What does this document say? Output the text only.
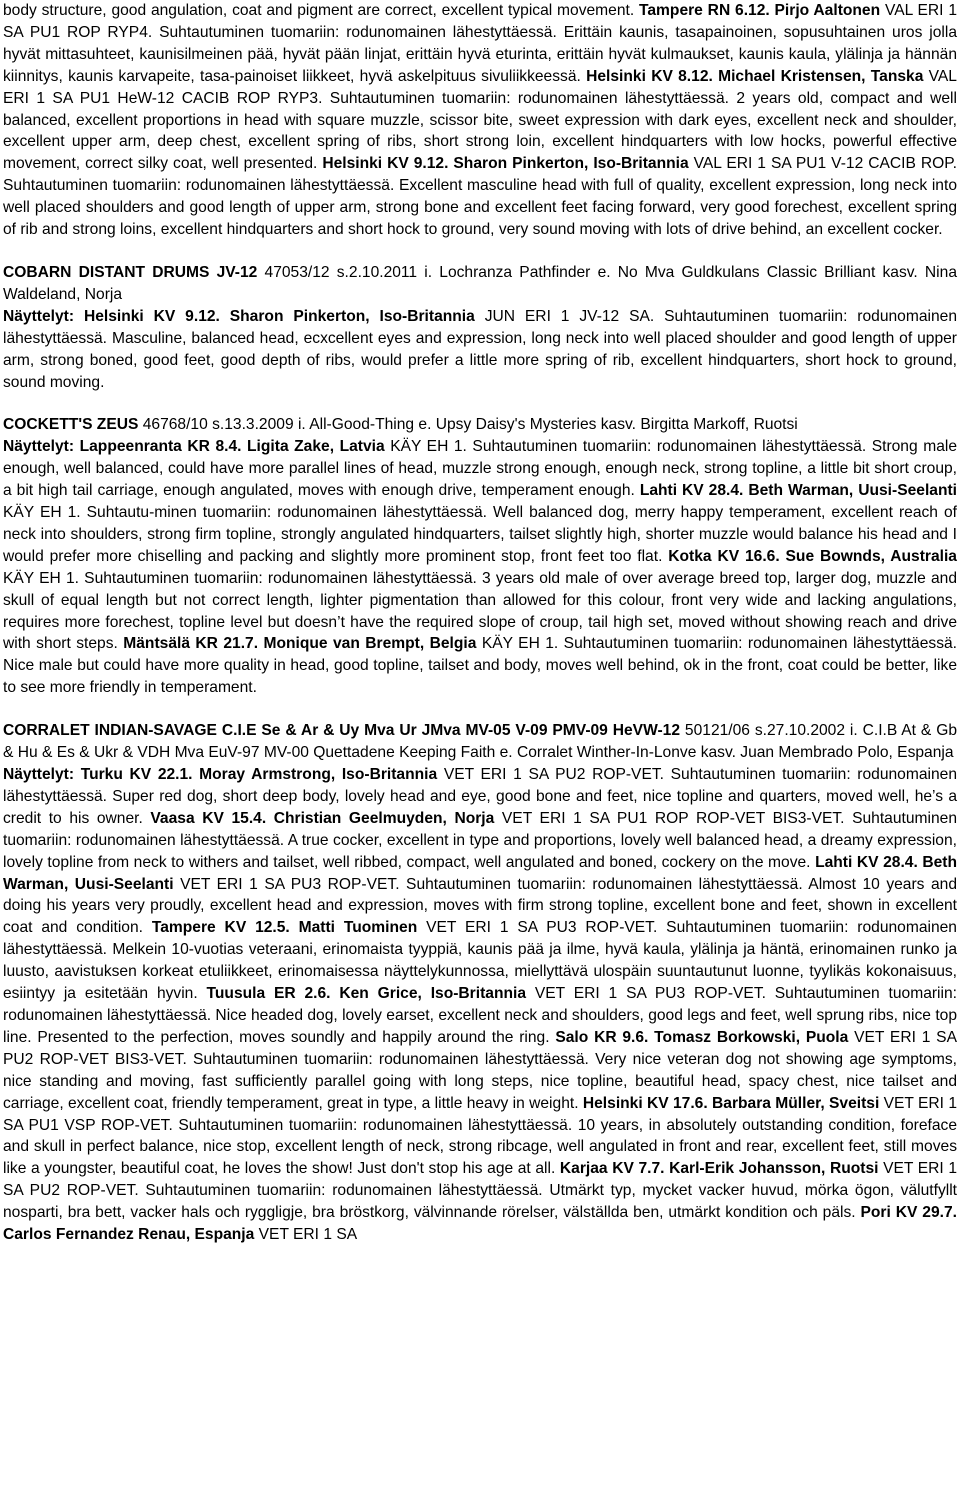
body structure, good angulation, coat and pigment are correct, excellent typical movement. Tampere RN 6.12. Pirjo Aaltonen VAL ERI 1 SA PU1 ROP RYP4. Suhtautuminen tuomariin: rodunomainen lähestyttäessä. Erittäin kaunis, tasapainoinen, sopusuhtainen uros jolla hyvät mittasuhteet, kaunisilmeinen pää, hyvät pään linjat, erittäin hyvä eturinta, erittäin hyvät kulmaukset, kaunis kaula, ylälinja ja hännän kiinnitys, kaunis karvapeite, tasa-painoiset liikkeet, hyvä askelpituus sivuliikkeessä. Helsinki KV 8.12. Michael Kristensen, Tanska VAL ERI 1 SA PU1 HeW-12 CACIB ROP RYP3. Suhtautuminen tuomariin: rodunomainen lähestyttäessä. 2 years old, compact and well balanced, excellent proportions in head with square muzzle, scissor bite, sweet expression with dark eyes, excellent neck and shoulder, excellent upper arm, deep chest, excellent spring of ribs, short strong loin, excellent hindquarters with low hocks, powerful effective movement, correct silky coat, well presented. Helsinki KV 9.12. Sharon Pinkerton, Iso-Britannia VAL ERI 1 SA PU1 V-12 CACIB ROP. Suhtautuminen tuomariin: rodunomainen lähestyttäessä. Excellent masculine head with full of quality, excellent expression, long neck into well placed shoulders and good length of upper arm, strong bone and excellent feet facing forward, very good forechest, excellent spring of rib and strong loins, excellent hindquarters and short hock to ground, very sound moving with lots of drive behind, an excellent cocker.

COBARN DISTANT DRUMS JV-12 47053/12 s.2.10.2011 i. Lochranza Pathfinder e. No Mva Guldkulans Classic Brilliant kasv. Nina Waldeland, Norja
Näyttelyt: Helsinki KV 9.12. Sharon Pinkerton, Iso-Britannia JUN ERI 1 JV-12 SA. Suhtautuminen tuomariin: rodunomainen lähestyttäessä. Masculine, balanced head, ecxcellent eyes and expression, long neck into well placed shoulder and good length of upper arm, strong boned, good feet, good depth of ribs, would prefer a little more spring of rib, excellent hindquarters, short hock to ground, sound moving.

COCKETT'S ZEUS 46768/10 s.13.3.2009 i. All-Good-Thing e. Upsy Daisy's Mysteries kasv. Birgitta Markoff, Ruotsi
Näyttelyt: Lappeenranta KR 8.4. Ligita Zake, Latvia KÄY EH 1. Suhtautuminen tuomariin: rodunomainen lähestyttäessä. Strong male enough, well balanced, could have more parallel lines of head, muzzle strong enough, enough neck, strong topline, a little bit short croup, a bit high tail carriage, enough angulated, moves with enough drive, temperament enough. Lahti KV 28.4. Beth Warman, Uusi-Seelanti KÄY EH 1. Suhtautu-minen tuomariin: rodunomainen lähestyttäessä. Well balanced dog, merry happy temperament, excellent reach of neck into shoulders, strong firm topline, strongly angulated hindquarters, tailset slightly high, shorter muzzle would balance his head and I would prefer more chiselling and packing and slightly more prominent stop, front feet too flat. Kotka KV 16.6. Sue Bownds, Australia KÄY EH 1. Suhtautuminen tuomariin: rodunomainen lähestyttäessä. 3 years old male of over average breed top, larger dog, muzzle and skull of equal length but not correct length, lighter pigmentation than allowed for this colour, front very wide and lacking angulations, requires more forechest, topline level but doesn’t have the required slope of croup, tail high set, moved without showing reach and drive with short steps. Mäntsälä KR 21.7. Monique van Brempt, Belgia KÄY EH 1. Suhtautuminen tuomariin: rodunomainen lähestyttäessä. Nice male but could have more quality in head, good topline, tailset and body, moves well behind, ok in the front, coat could be better, like to see more friendly in temperament.

CORRALET INDIAN-SAVAGE C.I.E Se & Ar & Uy Mva Ur JMva MV-05 V-09 PMV-09 HeVW-12 50121/06 s.27.10.2002 i. C.I.B At & Gb & Hu & Es & Ukr & VDH Mva EuV-97 MV-00 Quettadene Keeping Faith e. Corralet Winther-In-Lonve kasv. Juan Membrado Polo, Espanja
Näyttelyt: Turku KV 22.1. Moray Armstrong, Iso-Britannia VET ERI 1 SA PU2 ROP-VET. Suhtautuminen tuomariin: rodunomainen lähestyttäessä. Super red dog, short deep body, lovely head and eye, good bone and feet, nice topline and quarters, moved well, he’s a credit to his owner. Vaasa KV 15.4. Christian Geelmuyden, Norja VET ERI 1 SA PU1 ROP ROP-VET BIS3-VET. Suhtautuminen tuomariin: rodunomainen lähestyttäessä. A true cocker, excellent in type and proportions, lovely well balanced head, a dreamy expression, lovely topline from neck to withers and tailset, well ribbed, compact, well angulated and boned, cockery on the move. Lahti KV 28.4. Beth Warman, Uusi-Seelanti VET ERI 1 SA PU3 ROP-VET. Suhtautuminen tuomariin: rodunomainen lähestyttäessä. Almost 10 years and doing his years very proudly, excellent head and expression, moves with firm strong topline, excellent bone and feet, shown in excellent coat and condition. Tampere KV 12.5. Matti Tuominen VET ERI 1 SA PU3 ROP-VET. Suhtautuminen tuomariin: rodunomainen lähestyttäessä. Melkein 10-vuotias veteraani, erinomaista tyyppiä, kaunis pää ja ilme, hyvä kaula, ylälinja ja häntä, erinomainen runko ja luusto, aavistuksen korkeat etuliikkeet, erinomaisessa näyttelykunnossa, miellyttävä ulospäin suuntautunut luonne, tyylikäs kokonaisuus, esiintyy ja esitetään hyvin. Tuusula ER 2.6. Ken Grice, Iso-Britannia VET ERI 1 SA PU3 ROP-VET. Suhtautuminen tuomariin: rodunomainen lähestyttäessä. Nice headed dog, lovely earset, excellent neck and shoulders, good legs and feet, well sprung ribs, nice top line. Presented to the perfection, moves soundly and happily around the ring. Salo KR 9.6. Tomasz Borkowski, Puola VET ERI 1 SA PU2 ROP-VET BIS3-VET. Suhtautuminen tuomariin: rodunomainen lähestyttäessä. Very nice veteran dog not showing age symptoms, nice standing and moving, fast sufficiently parallel going with long steps, nice topline, beautiful head, spacy chest, nice tailset and carriage, excellent coat, friendly temperament, great in type, a little heavy in weight. Helsinki KV 17.6. Barbara Müller, Sveitsi VET ERI 1 SA PU1 VSP ROP-VET. Suhtautuminen tuomariin: rodunomainen lähestyttäessä. 10 years, in absolutely outstanding condition, foreface and skull in perfect balance, nice stop, excellent length of neck, strong ribcage, well angulated in front and rear, excellent feet, still moves like a youngster, beautiful coat, he loves the show! Just don't stop his age at all. Karjaa KV 7.7. Karl-Erik Johansson, Ruotsi VET ERI 1 SA PU2 ROP-VET. Suhtautuminen tuomariin: rodunomainen lähestyttäessä. Utmärkt typ, mycket vacker huvud, mörka ögon, välutfyllt nosparti, bra bett, vacker hals och ryggligje, bra bröstkorg, välvinnande rörelser, välställda ben, utmärkt kondition och päls. Pori KV 29.7. Carlos Fernandez Renau, Espanja VET ERI 1 SA
